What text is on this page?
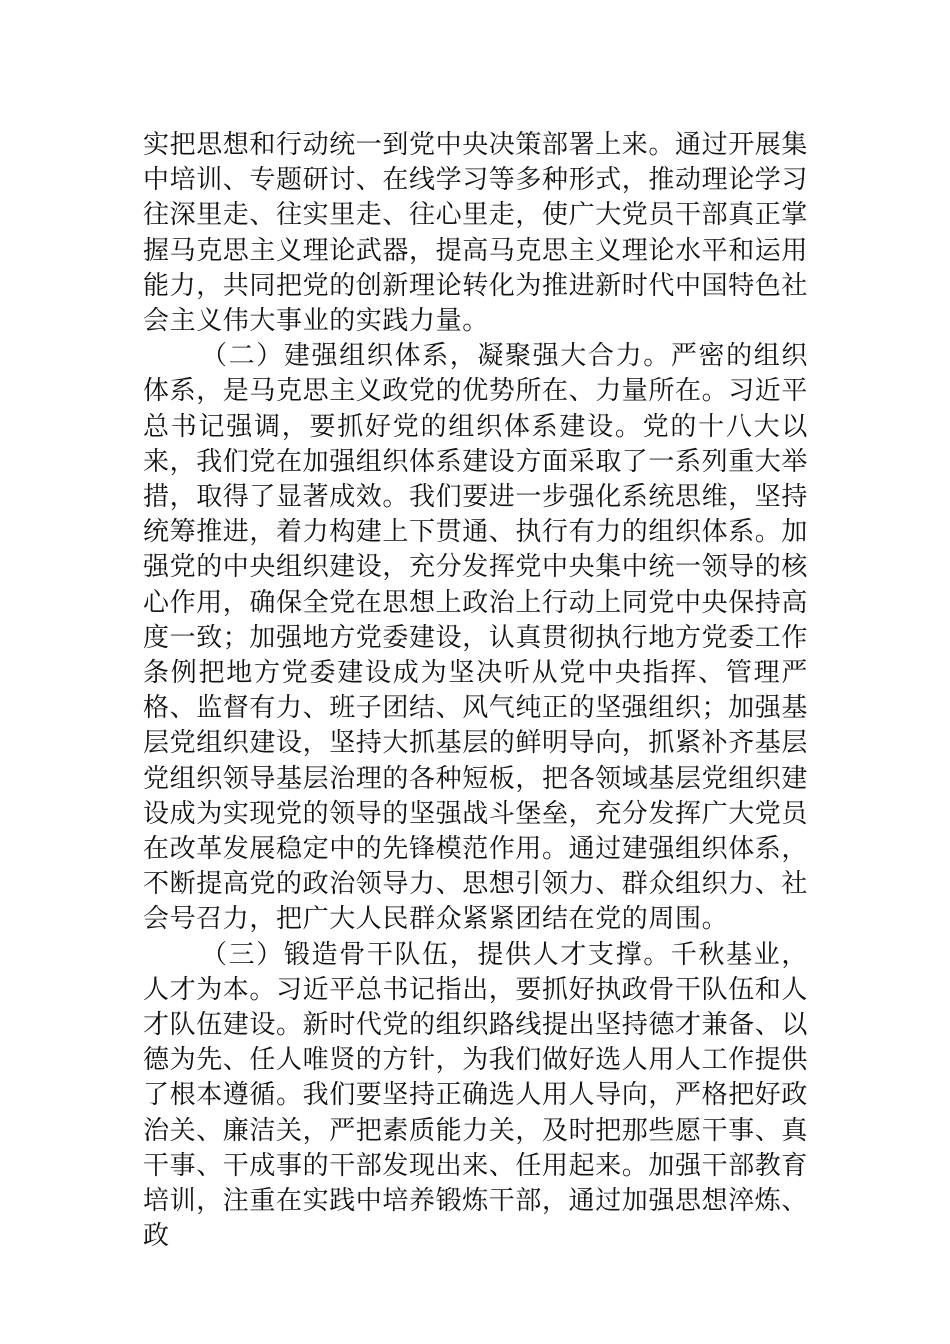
实把思想和行动统一到党中央决策部署上来。通过开展集中培训、专题研讨、在线学习等多种形式，推动理论学习往深里走、往实里走、往心里走，使广大党员干部真正掌握马克思主义理论武器，提高马克思主义理论水平和运用能力，共同把党的创新理论转化为推进新时代中国特色社会主义伟大事业的实践力量。

（二）建强组织体系，凝聚强大合力。严密的组织体系，是马克思主义政党的优势所在、力量所在。习近平总书记强调，要抓好党的组织体系建设。党的十八大以来，我们党在加强组织体系建设方面采取了一系列重大举措，取得了显著成效。我们要进一步强化系统思维，坚持统筹推进，着力构建上下贯通、执行有力的组织体系。加强党的中央组织建设，充分发挥党中央集中统一领导的核心作用，确保全党在思想上政治上行动上同党中央保持高度一致；加强地方党委建设，认真贯彻执行地方党委工作条例把地方党委建设成为坚决听从党中央指挥、管理严格、监督有力、班子团结、风气纯正的坚强组织；加强基层党组织建设，坚持大抓基层的鲜明导向，抓紧补齐基层党组织领导基层治理的各种短板，把各领域基层党组织建设成为实现党的领导的坚强战斗堡垒，充分发挥广大党员在改革发展稳定中的先锋模范作用。通过建强组织体系，不断提高党的政治领导力、思想引领力、群众组织力、社会号召力，把广大人民群众紧紧团结在党的周围。

（三）锻造骨干队伍，提供人才支撑。千秋基业，人才为本。习近平总书记指出，要抓好执政骨干队伍和人才队伍建设。新时代党的组织路线提出坚持德才兼备、以德为先、任人唯贤的方针，为我们做好选人用人工作提供了根本遵循。我们要坚持正确选人用人导向，严格把好政治关、廉洁关，严把素质能力关，及时把那些愿干事、真干事、干成事的干部发现出来、任用起来。加强干部教育培训，注重在实践中培养锻炼干部，通过加强思想淬炼、政
